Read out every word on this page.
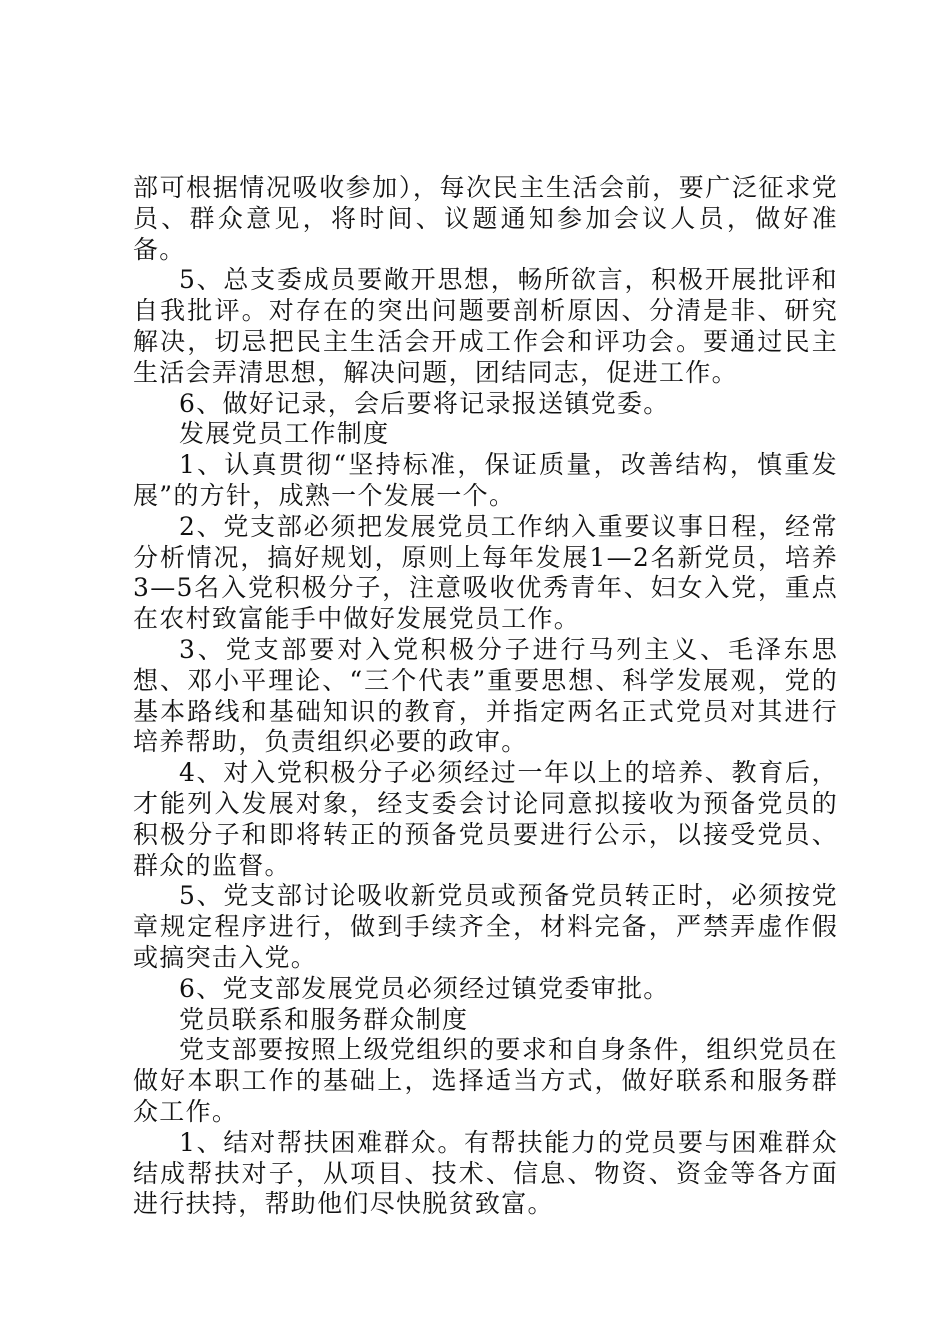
部可根据情况吸收参加），每次民主生活会前，要广泛征求党员、群众意见，将时间、议题通知参加会议人员，做好准备。

5、总支委成员要敞开思想，畅所欲言，积极开展批评和自我批评。对存在的突出问题要剖析原因、分清是非、研究解决，切忌把民主生活会开成工作会和评功会。要通过民主生活会弄清思想，解决问题，团结同志，促进工作。

6、做好记录，会后要将记录报送镇党委。

发展党员工作制度

1、认真贯彻“坚持标准，保证质量，改善结构，慎重发展”的方针，成熟一个发展一个。

2、党支部必须把发展党员工作纳入重要议事日程，经常分析情况，搞好规划，原则上每年发展1—2名新党员，培养3—5名入党积极分子，注意吸收优秀青年、妇女入党，重点在农村致富能手中做好发展党员工作。

3、党支部要对入党积极分子进行马列主义、毛泽东思想、邓小平理论、“三个代表”重要思想、科学发展观，党的基本路线和基础知识的教育，并指定两名正式党员对其进行培养帮助，负责组织必要的政审。

4、对入党积极分子必须经过一年以上的培养、教育后，才能列入发展对象，经支委会讨论同意拟接收为预备党员的积极分子和即将转正的预备党员要进行公示，以接受党员、群众的监督。

5、党支部讨论吸收新党员或预备党员转正时，必须按党章规定程序进行，做到手续齐全，材料完备，严禁弄虚作假或搞突击入党。

6、党支部发展党员必须经过镇党委审批。

党员联系和服务群众制度

党支部要按照上级党组织的要求和自身条件，组织党员在做好本职工作的基础上，选择适当方式，做好联系和服务群众工作。

1、结对帮扶困难群众。有帮扶能力的党员要与困难群众结成帮扶对子，从项目、技术、信息、物资、资金等各方面进行扶持，帮助他们尽快脱贫致富。
